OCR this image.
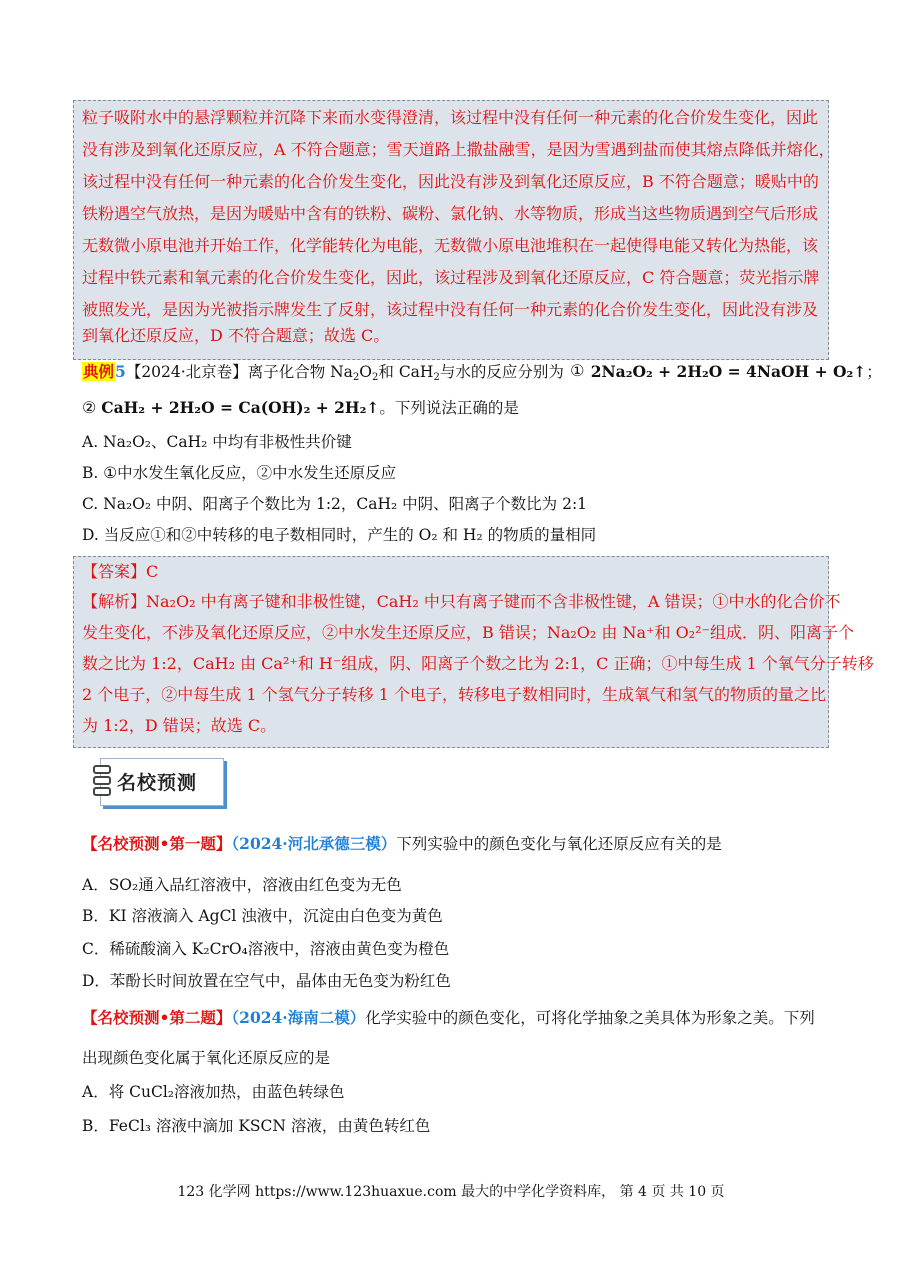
粒子吸附水中的悬浮颗粒并沉降下来而水变得澄清，该过程中没有任何一种元素的化合价发生变化，因此
没有涉及到氧化还原反应，A 不符合题意；雪天道路上撒盐融雪，是因为雪遇到盐而使其熔点降低并熔化，
该过程中没有任何一种元素的化合价发生变化，因此没有涉及到氧化还原反应，B 不符合题意；暖贴中的
铁粉遇空气放热，是因为暖贴中含有的铁粉、碳粉、氯化钠、水等物质，形成当这些物质遇到空气后形成
无数微小原电池并开始工作，化学能转化为电能，无数微小原电池堆积在一起使得电能又转化为热能，该
过程中铁元素和氧元素的化合价发生变化，因此，该过程涉及到氧化还原反应，C 符合题意；荧光指示牌
被照发光，是因为光被指示牌发生了反射，该过程中没有任何一种元素的化合价发生变化，因此没有涉及
到氧化还原反应，D 不符合题意；故选 C。
典例5【2024·北京卷】离子化合物 $Na_2O_2$和 CaH$_2$与水的反应分别为 ① 2Na₂O₂ + 2H₂O = 4NaOH + O₂↑；
② CaH₂ + 2H₂O = Ca(OH)₂ + 2H₂↑。下列说法正确的是
A. Na₂O₂、CaH₂ 中均有非极性共价键
B. ①中水发生氧化反应，②中水发生还原反应
C. Na₂O₂ 中阴、阳离子个数比为 1:2，CaH₂ 中阴、阳离子个数比为 2:1
D. 当反应①和②中转移的电子数相同时，产生的 O₂ 和 H₂ 的物质的量相同
【答案】C
【解析】Na₂O₂ 中有离子键和非极性键，CaH₂ 中只有离子键而不含非极性键，A 错误；①中水的化合价不
发生变化，不涉及氧化还原反应，②中水发生还原反应，B 错误；Na₂O₂ 由 Na⁺和 O₂²⁻组成．阴、阳离子个
数之比为 1:2，CaH₂ 由 Ca²⁺和 H⁻组成，阴、阳离子个数之比为 2:1，C 正确；①中每生成 1 个氧气分子转移
2 个电子，②中每生成 1 个氢气分子转移 1 个电子，转移电子数相同时，生成氧气和氢气的物质的量之比
为 1:2，D 错误；故选 C。
名校预测
【名校预测•第一题】（2024·河北承德三模）下列实验中的颜色变化与氧化还原反应有关的是
A．SO₂通入品红溶液中，溶液由红色变为无色
B．KI 溶液滴入 AgCl 浊液中，沉淀由白色变为黄色
C．稀硫酸滴入 K₂CrO₄溶液中，溶液由黄色变为橙色
D．苯酚长时间放置在空气中，晶体由无色变为粉红色
【名校预测•第二题】（2024·海南二模）化学实验中的颜色变化，可将化学抽象之美具体为形象之美。下列
出现颜色变化属于氧化还原反应的是
A．将 CuCl₂溶液加热，由蓝色转绿色
B．FeCl₃ 溶液中滴加 KSCN 溶液，由黄色转红色
123 化学网 https://www.123huaxue.com 最大的中学化学资料库， 第 4 页 共 10 页
